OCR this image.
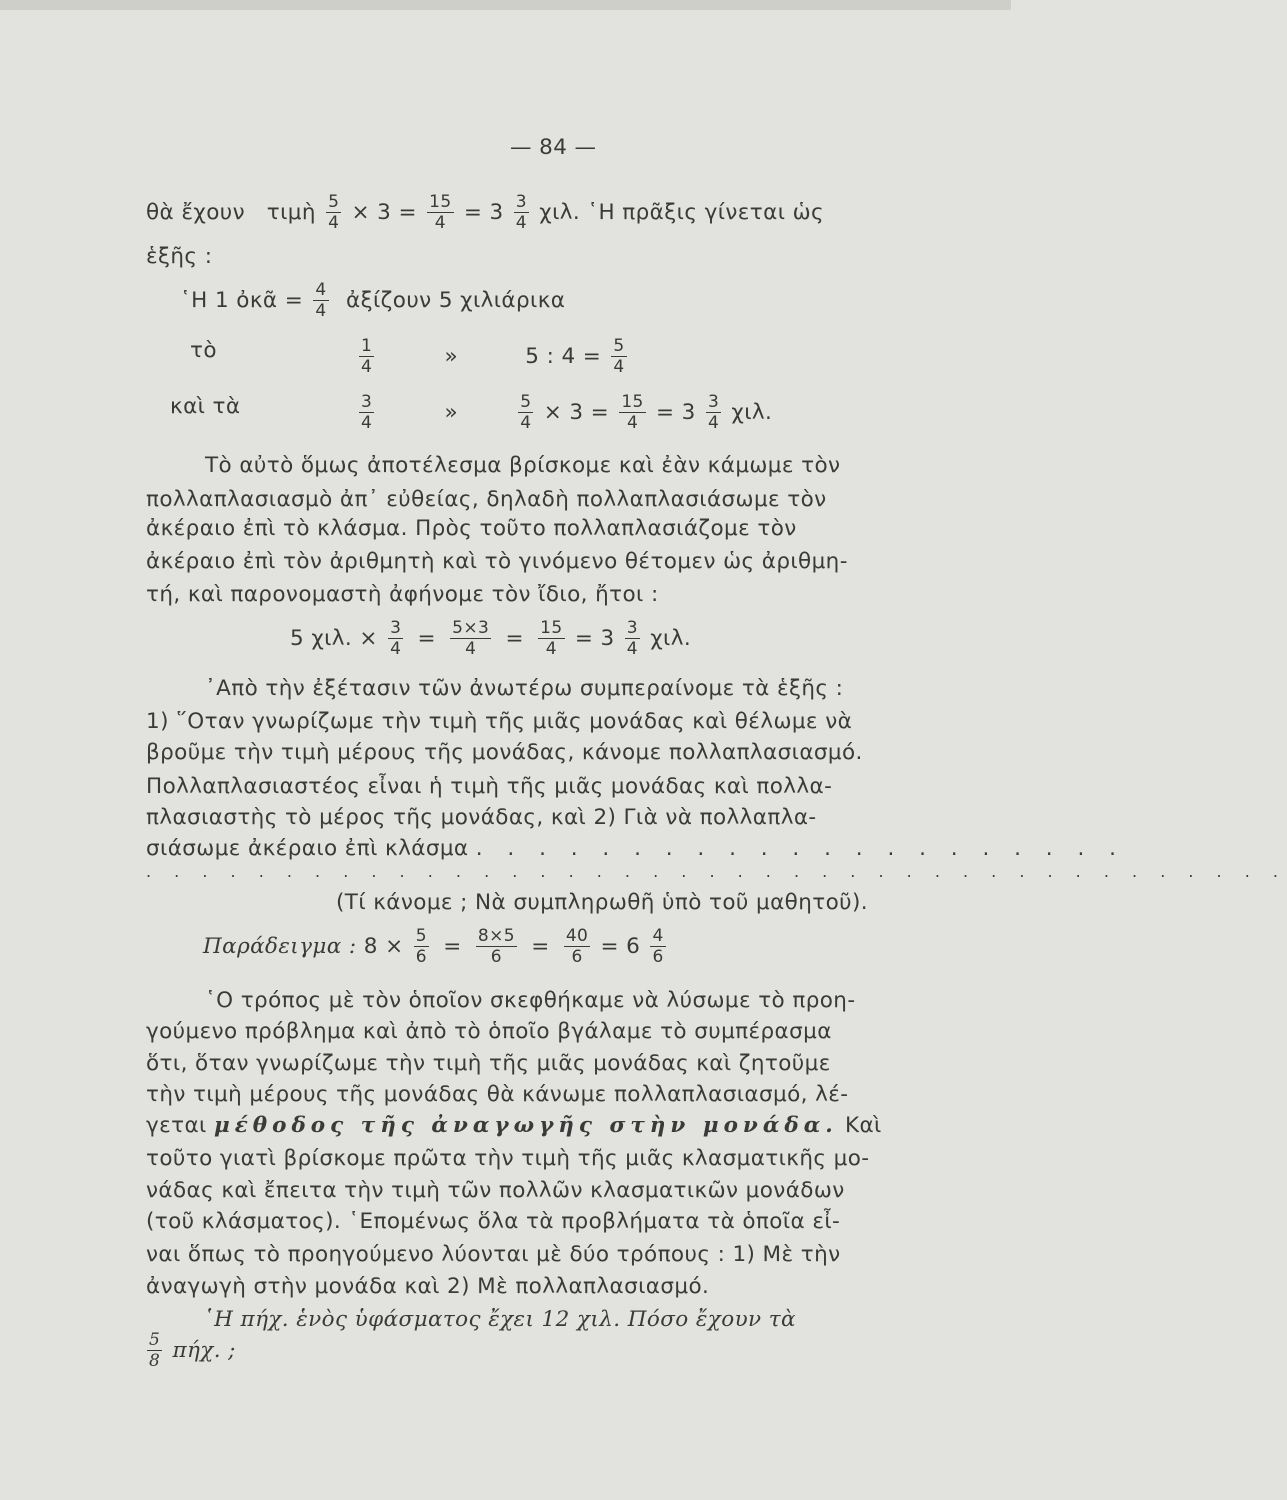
— 84 —
θὰ ἔχουν τιμὴ $\frac{5}{4} \times 3 = \frac{15}{4} = 3 \frac{3}{4} \chi\iota\lambda$. ῾Η πρᾶξις γίνεται ὡς
ἑξῆς :
῾Η 1 ὀκᾶ = $\frac{4}{4}$ ἀξίζουν 5 χιλιάρικα
τὸ	$\frac{1}{4}$	»	5 : $4 = \frac{5}{4}$
καὶ τὰ	$\frac{3}{4}$	»	$\frac{5}{4} \times 3 = \frac{15}{4} = 3 \frac{3}{4} \chi\iota\lambda$.
Τὸ αὐτὸ ὅμως ἀποτέλεσμα βρίσκομε καὶ ἐὰν κάμωμε τὸν
πολλαπλασιασμὸ ἀπ᾿ εὐθείας, δηλαδὴ πολλαπλασιάσωμε τὸν
ἀκέραιο ἐπὶ τὸ κλάσμα. Πρὸς τοῦτο πολλαπλασιάζομε τὸν
ἀκέραιο ἐπὶ τὸν ἀριθμητὴ καὶ τὸ γινόμενο θέτομεν ὡς ἀριθμη-
τή, καὶ παρονομαστὴ ἀφήνομε τὸν ἴδιο, ἤτοι :
5 χιλ. × $\frac{3}{4} = \frac{5\times 3}{4} = \frac{15}{4} = 3 \frac{3}{4} \chi\iota\lambda$.
᾿Απὸ τὴν ἐξέτασιν τῶν ἀνωτέρω συμπεραίνομε τὰ ἑξῆς :
1) ῞Οταν γνωρίζωμε τὴν τιμὴ τῆς μιᾶς μονάδας καὶ θέλωμε νὰ
βροῦμε τὴν τιμὴ μέρους τῆς μονάδας, κάνομε πολλαπλασιασμό.
Πολλαπλασιαστέος εἶναι ἡ τιμὴ τῆς μιᾶς μονάδας καὶ πολλα-
πλασιαστὴς τὸ μέρος τῆς μονάδας, καὶ 2) Γιὰ νὰ πολλαπλα-
σιάσωμε ἀκέραιο ἐπὶ κλάσμα . . . . . . . . . . . . . . . . . . . . .
. . . . . . . . . . . . . . . . . . . . . . . . . . . . . . . . . . . . . . . . .
(Τί κάνομε ; Νὰ συμπληρωθῆ ὑπὸ τοῦ μαθητοῦ).
Παράδειγμα : $8 \times \frac{5}{6} = \frac{8\times 5}{6} = \frac{40}{6} = 6 \frac{4}{6}$
῾Ο τρόπος μὲ τὸν ὁποῖον σκεφθήκαμε νὰ λύσωμε τὸ προη-
γούμενο πρόβλημα καὶ ἀπὸ τὸ ὁποῖο βγάλαμε τὸ συμπέρασμα
ὅτι, ὅταν γνωρίζωμε τὴν τιμὴ τῆς μιᾶς μονάδας καὶ ζητοῦμε
τὴν τιμὴ μέρους τῆς μονάδας θὰ κάνωμε πολλαπλασιασμό, λέ-
γεται μέθοδος τῆς ἀναγωγῆς στὴν μονάδα. Καὶ
τοῦτο γιατὶ βρίσκομε πρῶτα τὴν τιμὴ τῆς μιᾶς κλασματικῆς μο-
νάδας καὶ ἔπειτα τὴν τιμὴ τῶν πολλῶν κλασματικῶν μονάδων
(τοῦ κλάσματος). ῾Επομένως ὅλα τὰ προβλήματα τὰ ὁποῖα εἶ-
ναι ὅπως τὸ προηγούμενο λύονται μὲ δύο τρόπους : 1) Μὲ τὴν
ἀναγωγὴ στὴν μονάδα καὶ 2) Μὲ πολλαπλασιασμό.
῾Η πήχ. ἑνὸς ὑφάσματος ἔχει 12 χιλ. Πόσο ἔχουν τὰ
$\frac{5}{8} \pi ή\chi$. ;
